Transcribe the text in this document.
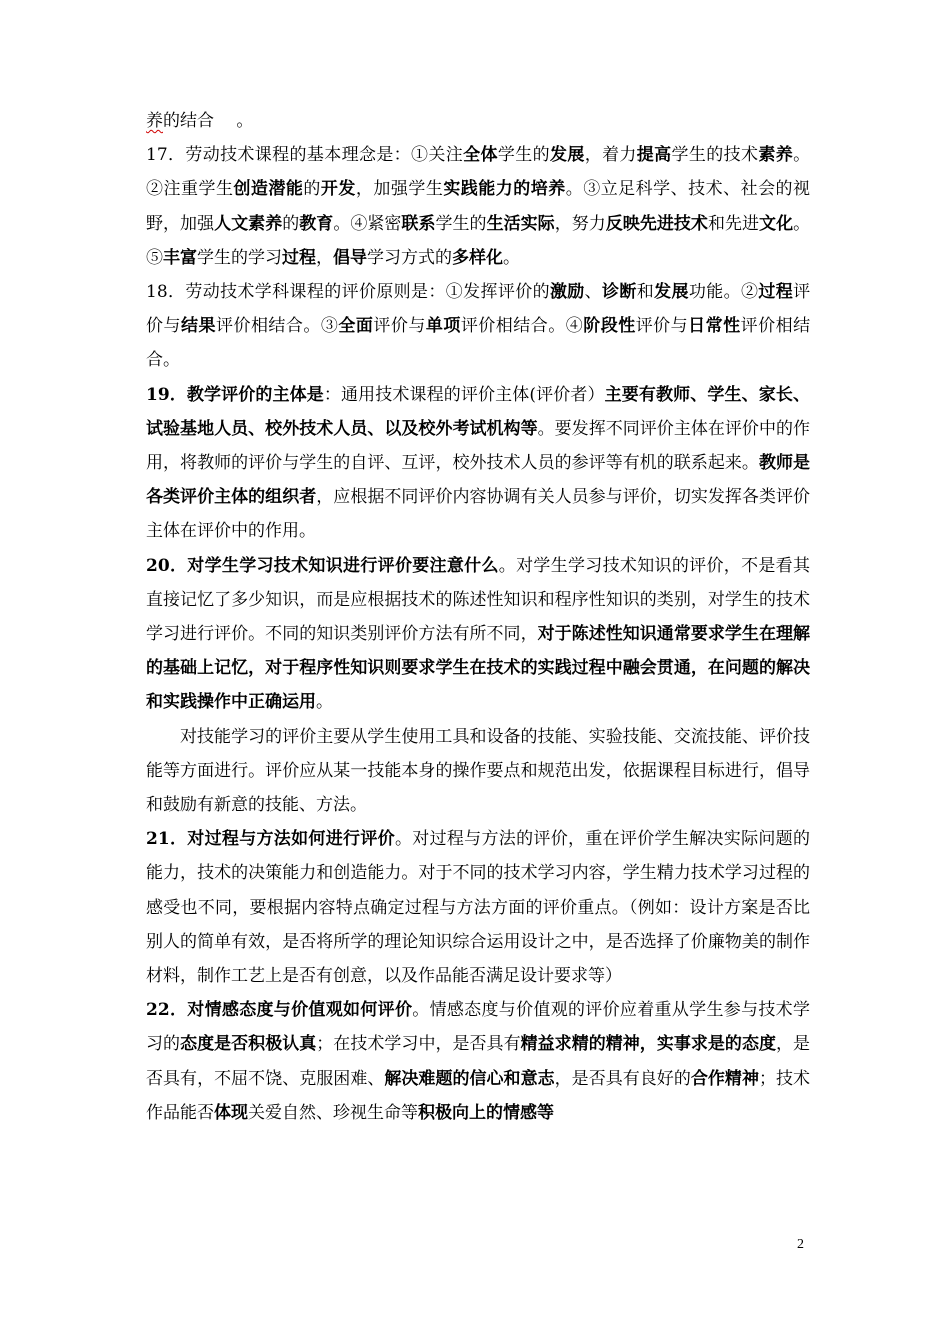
养的结合 　。

17．劳动技术课程的基本理念是：①关注全体学生的发展，着力提高学生的技术素养。②注重学生创造潜能的开发，加强学生实践能力的培养。③立足科学、技术、社会的视野，加强人文素养的教育。④紧密联系学生的生活实际，努力反映先进技术和先进文化。⑤丰富学生的学习过程，倡导学习方式的多样化。

18．劳动技术学科课程的评价原则是：①发挥评价的激励、诊断和发展功能。②过程评价与结果评价相结合。③全面评价与单项评价相结合。④阶段性评价与日常性评价相结合。

19．教学评价的主体是：通用技术课程的评价主体(评价者）主要有教师、学生、家长、试验基地人员、校外技术人员、以及校外考试机构等。要发挥不同评价主体在评价中的作用，将教师的评价与学生的自评、互评，校外技术人员的参评等有机的联系起来。教师是各类评价主体的组织者，应根据不同评价内容协调有关人员参与评价，切实发挥各类评价主体在评价中的作用。

20．对学生学习技术知识进行评价要注意什么。对学生学习技术知识的评价，不是看其直接记忆了多少知识，而是应根据技术的陈述性知识和程序性知识的类别，对学生的技术学习进行评价。不同的知识类别评价方法有所不同，对于陈述性知识通常要求学生在理解的基础上记忆，对于程序性知识则要求学生在技术的实践过程中融会贯通，在问题的解决和实践操作中正确运用。

对技能学习的评价主要从学生使用工具和设备的技能、实验技能、交流技能、评价技能等方面进行。评价应从某一技能本身的操作要点和规范出发，依据课程目标进行，倡导和鼓励有新意的技能、方法。

21．对过程与方法如何进行评价。对过程与方法的评价，重在评价学生解决实际问题的能力，技术的决策能力和创造能力。对于不同的技术学习内容，学生精力技术学习过程的感受也不同，要根据内容特点确定过程与方法方面的评价重点。（例如：设计方案是否比别人的简单有效，是否将所学的理论知识综合运用设计之中，是否选择了价廉物美的制作材料，制作工艺上是否有创意，以及作品能否满足设计要求等）

22．对情感态度与价值观如何评价。情感态度与价值观的评价应着重从学生参与技术学习的态度是否积极认真；在技术学习中，是否具有精益求精的精神，实事求是的态度，是否具有，不屈不饶、克服困难、解决难题的信心和意志，是否具有良好的合作精神；技术作品能否体现关爱自然、珍视生命等积极向上的情感等

2
